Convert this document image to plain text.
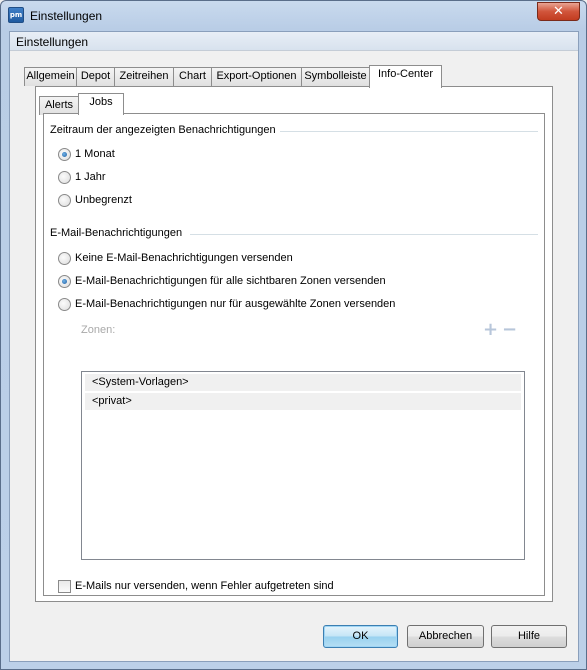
pm Einstellungen	✕
Einstellungen
Allgemein Depot Zeitreihen Chart Export-Optionen Symbolleiste	Info-Center
Alerts	Jobs
Zeitraum der angezeigten Benachrichtigungen
1 Monat
1 Jahr
Unbegrenzt
E-Mail-Benachrichtigungen
Keine E-Mail-Benachrichtigungen versenden
E-Mail-Benachrichtigungen für alle sichtbaren Zonen versenden
E-Mail-Benachrichtigungen nur für ausgewählte Zonen versenden
Zonen:	+ −
<System-Vorlagen>
<privat>
E-Mails nur versenden, wenn Fehler aufgetreten sind
OK	Abbrechen	Hilfe
